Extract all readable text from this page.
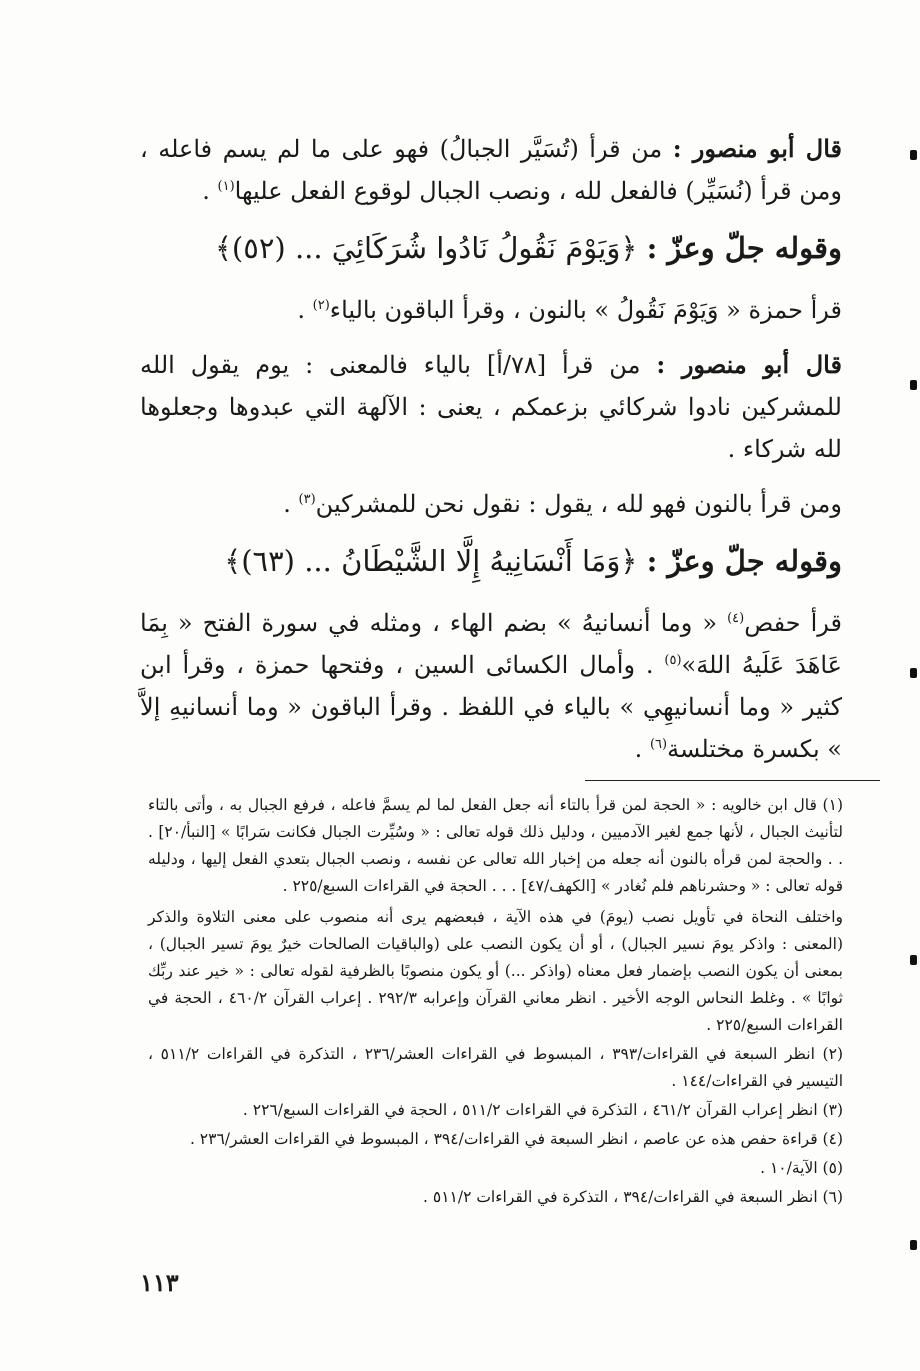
قال أبو منصور : من قرأ (تُسَيَّر الجبالُ) فهو على ما لم يسم فاعله ، ومن قرأ (نُسَيِّر) فالفعل لله ، ونصب الجبال لوقوع الفعل عليها$^{(١)}$ .

وقوله جلّ وعزّ : ﴿وَيَوْمَ نَقُولُ نَادُوا شُرَكَائِيَ ... (٥٢)﴾

قرأ حمزة « وَيَوْمَ نَقُولُ » بالنون ، وقرأ الباقون بالياء$^{(٢)}$ .

قال أبو منصور : من قرأ [٧٨/أ] بالياء فالمعنى : يوم يقول الله للمشركين نادوا شركائي بزعمكم ، يعنى : الآلهة التي عبدوها وجعلوها لله شركاء .

ومن قرأ بالنون فهو لله ، يقول : نقول نحن للمشركين$^{(٣)}$ .

وقوله جلّ وعزّ : ﴿وَمَا أَنْسَانِيهُ إِلَّا الشَّيْطَانُ ... (٦٣)﴾

قرأ حفص$^{(٤)}$ « وما أنسانيهُ » بضم الهاء ، ومثله في سورة الفتح « بِمَا عَاهَدَ عَلَيهُ اللهَ»$^{(٥)}$ . وأمال الكسائى السين ، وفتحها حمزة ، وقرأ ابن كثير « وما أنسانيهِي » بالياء في اللفظ . وقرأ الباقون « وما أنسانيهِ إلاَّ » بكسرة مختلسة$^{(٦)}$ .

(١) قال ابن خالويه : « الحجة لمن قرأ بالتاء أنه جعل الفعل لما لم يسمَّ فاعله ، فرفع الجبال به ، وأتى بالتاء لتأنيث الجبال ، لأنها جمع لغير الآدميين ، ودليل ذلك قوله تعالى : « وسُيِّرت الجبال فكانت سَرابًا » [النبأ/٢٠] . . . والحجة لمن قرأه بالنون أنه جعله من إخبار الله تعالى عن نفسه ، ونصب الجبال بتعدي الفعل إليها ، ودليله قوله تعالى : « وحشرناهم فلم نُغادر » [الكهف/٤٧] . . . الحجة في القراءات السبع/٢٢٥ .

واختلف النحاة في تأويل نصب (يومَ) في هذه الآية ، فبعضهم يرى أنه منصوب على معنى التلاوة والذكر (المعنى : واذكر يومَ نسير الجبال) ، أو أن يكون النصب على (والباقيات الصالحات خيرٌ يومَ تسير الجبال) ، بمعنى أن يكون النصب بإضمار فعل معناه (واذكر ...) أو يكون منصوبًا بالظرفية لقوله تعالى : « خير عند ربِّك ثوابًا » . وغلط النحاس الوجه الأخير . انظر معاني القرآن وإعرابه ٢٩٢/٣ . إعراب القرآن ٤٦٠/٢ ، الحجة في القراءات السبع/٢٢٥ .

(٢) انظر السبعة في القراءات/٣٩٣ ، المبسوط في القراءات العشر/٢٣٦ ، التذكرة في القراءات ٥١١/٢ ، التيسير في القراءات/١٤٤ .

(٣) انظر إعراب القرآن ٤٦١/٢ ، التذكرة في القراءات ٥١١/٢ ، الحجة في القراءات السبع/٢٢٦ .

(٤) قراءة حفص هذه عن عاصم ، انظر السبعة في القراءات/٣٩٤ ، المبسوط في القراءات العشر/٢٣٦ .

(٥) الآية/١٠ .

(٦) انظر السبعة في القراءات/٣٩٤ ، التذكرة في القراءات ٥١١/٢ .

١١٣
